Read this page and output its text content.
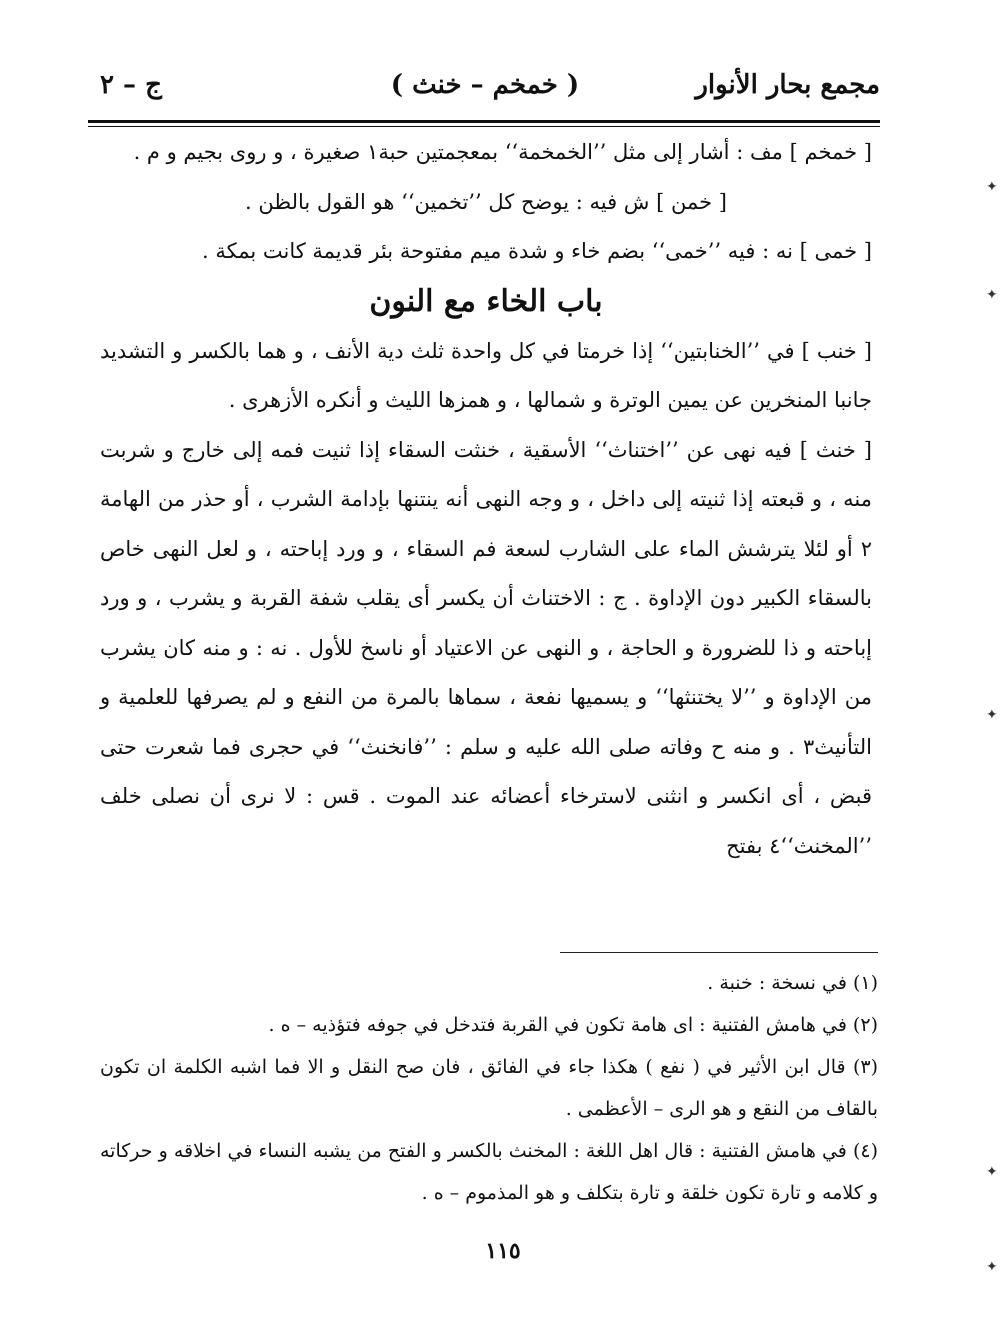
مجمع بحار الأنوار
( خمخم – خنث )
ج – ٢

[ خمخم ] مف : أشار إلى مثل ’’الخمخمة‘‘ بمعجمتين حبة١ صغيرة ، و روى بجيم و م .

[ خمن ] ش فيه : يوضح كل ’’تخمين‘‘ هو القول بالظن .

[ خمى ] نه : فيه ’’خمى‘‘ بضم خاء و شدة ميم مفتوحة بئر قديمة كانت بمكة .

باب الخاء مع النون

[ خنب ] في ’’الخنابتين‘‘ إذا خرمتا في كل واحدة ثلث دية الأنف ، و هما بالكسر و التشديد جانبا المنخرين عن يمين الوترة و شمالها ، و همزها الليث و أنكره الأزهرى .

[ خنث ] فيه نهى عن ’’اختناث‘‘ الأسقية ، خنثت السقاء إذا ثنيت فمه إلى خارج و شربت منه ، و قبعته إذا ثنيته إلى داخل ، و وجه النهى أنه ينتنها بإدامة الشرب ، أو حذر من الهامة ٢ أو لئلا يترشش الماء على الشارب لسعة فم السقاء ، و ورد إباحته ، و لعل النهى خاص بالسقاء الكبير دون الإداوة . ج : الاختناث أن يكسر أى يقلب شفة القربة و يشرب ، و ورد إباحته و ذا للضرورة و الحاجة ، و النهى عن الاعتياد أو ناسخ للأول . نه : و منه كان يشرب من الإداوة و ’’لا يختنثها‘‘ و يسميها نفعة ، سماها بالمرة من النفع و لم يصرفها للعلمية و التأنيث٣ . و منه ح وفاته صلى الله عليه و سلم : ’’فانخنث‘‘ في حجرى فما شعرت حتى قبض ، أى انكسر و انثنى لاسترخاء أعضائه عند الموت . قس : لا نرى أن نصلى خلف ’’المخنث‘‘٤ بفتح

(١) في نسخة : خنبة .

(٢) في هامش الفتنية : اى هامة تكون في القربة فتدخل في جوفه فتؤذيه – ه .

(٣) قال ابن الأثير في ( نفع ) هكذا جاء في الفائق ، فان صح النقل و الا فما اشبه الكلمة ان تكون بالقاف من النقع و هو الرى – الأعظمى .

(٤) في هامش الفتنية : قال اهل اللغة : المخنث بالكسر و الفتح من يشبه النساء في اخلاقه و حركاته و كلامه و تارة تكون خلقة و تارة بتكلف و هو المذموم – ه .

١١٥
✦
✦
✦
✦
✦
